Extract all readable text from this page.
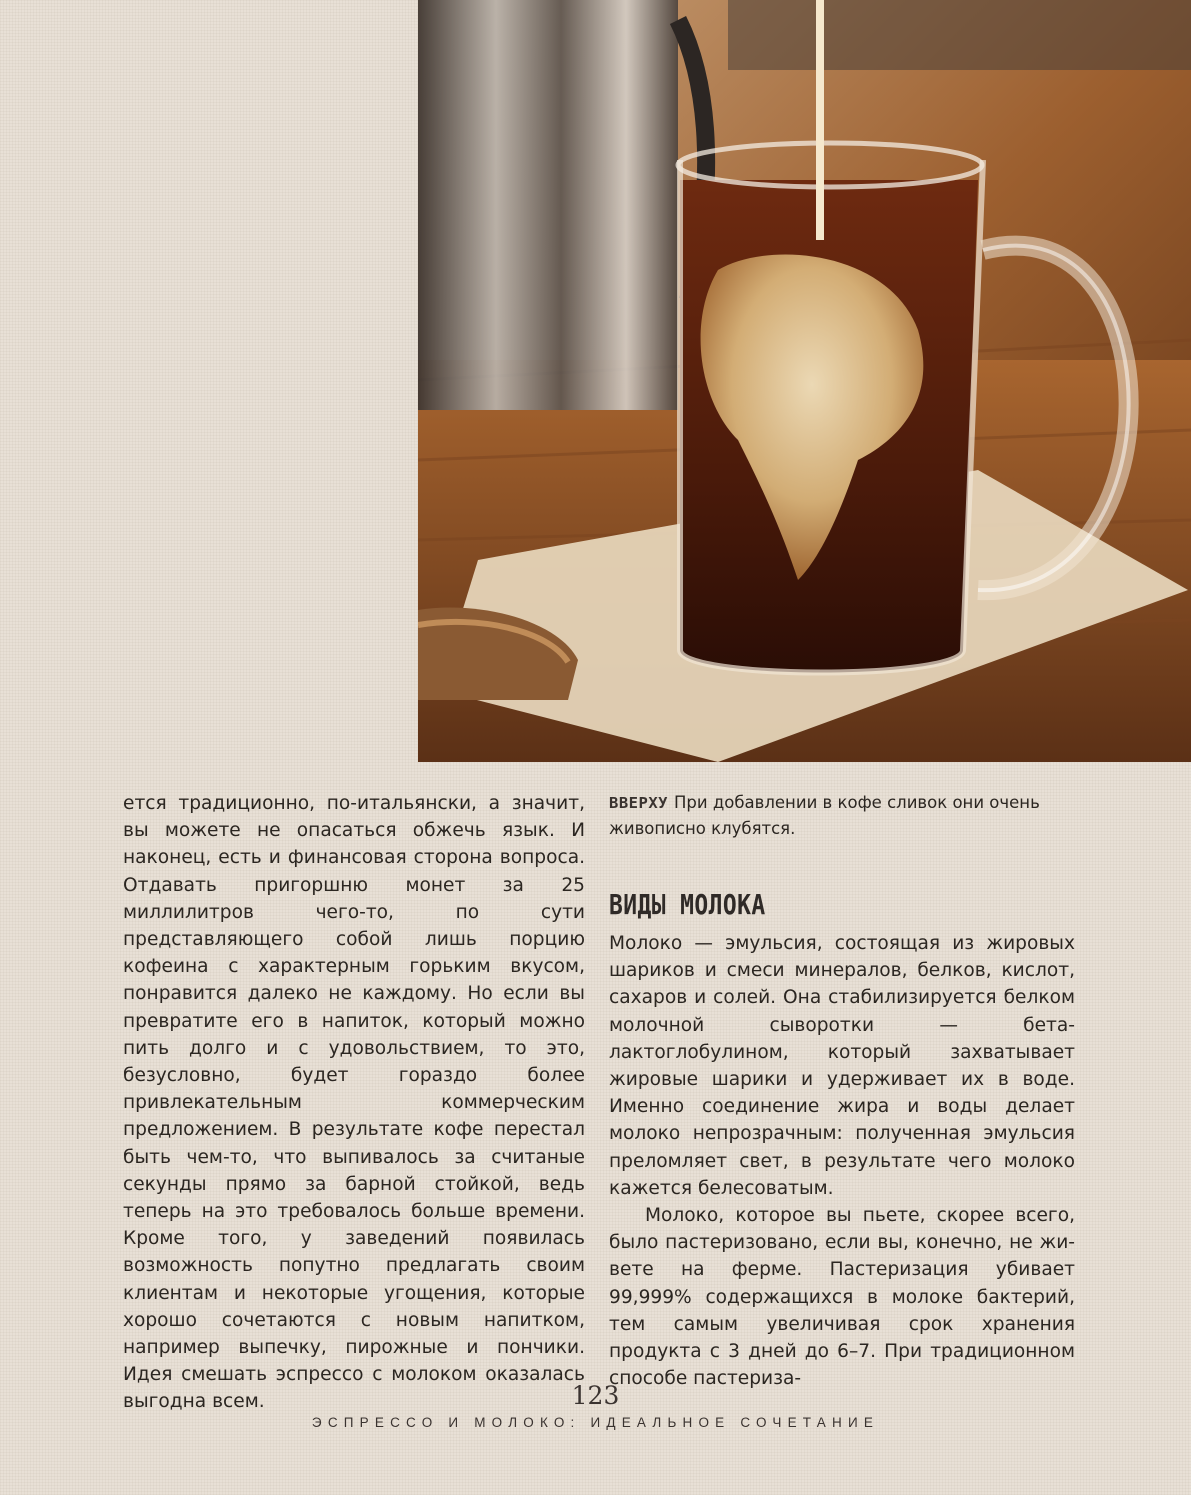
ется традиционно, по-итальянски, а значит, вы можете не опасаться обжечь язык. И наконец, есть и финансовая сторона вопроса. Отдавать пригоршню монет за 25 миллилитров чего-то, по сути представляющего собой лишь порцию кофеина с характерным горьким вкусом, понравится далеко не каждому. Но если вы превратите его в напиток, который можно пить долго и с удовольствием, то это, безусловно, будет гораздо более привлекательным коммерческим предложением. В результате кофе перестал быть чем-то, что выпивалось за считаные секунды прямо за барной стойкой, ведь теперь на это требовалось больше времени. Кроме того, у заведений появилась возможность попутно предлагать своим клиентам и некоторые угощения, которые хорошо сочетаются с новым напитком, например выпечку, пирожные и пончики. Идея смешать эспрессо с молоком оказалась выгодна всем.

ВВЕРХУ При добавлении в кофе сливок они очень живописно клубятся.
ВИДЫ МОЛОКА

Молоко — эмульсия, состоящая из жировых шариков и смеси минералов, белков, кислот, сахаров и солей. Она стабилизируется белком молочной сыворотки — бета-лактоглобулином, который захватывает жировые шарики и удерживает их в воде. Именно соединение жира и воды делает молоко непрозрачным: полученная эмульсия преломляет свет, в результате чего молоко кажется белесоватым.

Молоко, которое вы пьете, скорее всего, было пастеризовано, если вы, конечно, не живете на ферме. Пастеризация убивает 99,999% содержащихся в молоке бактерий, тем самым увеличивая срок хранения продукта с 3 дней до 6–7. При традиционном способе пастериза-

123

ЭСПРЕССО И МОЛОКО: ИДЕАЛЬНОЕ СОЧЕТАНИЕ
